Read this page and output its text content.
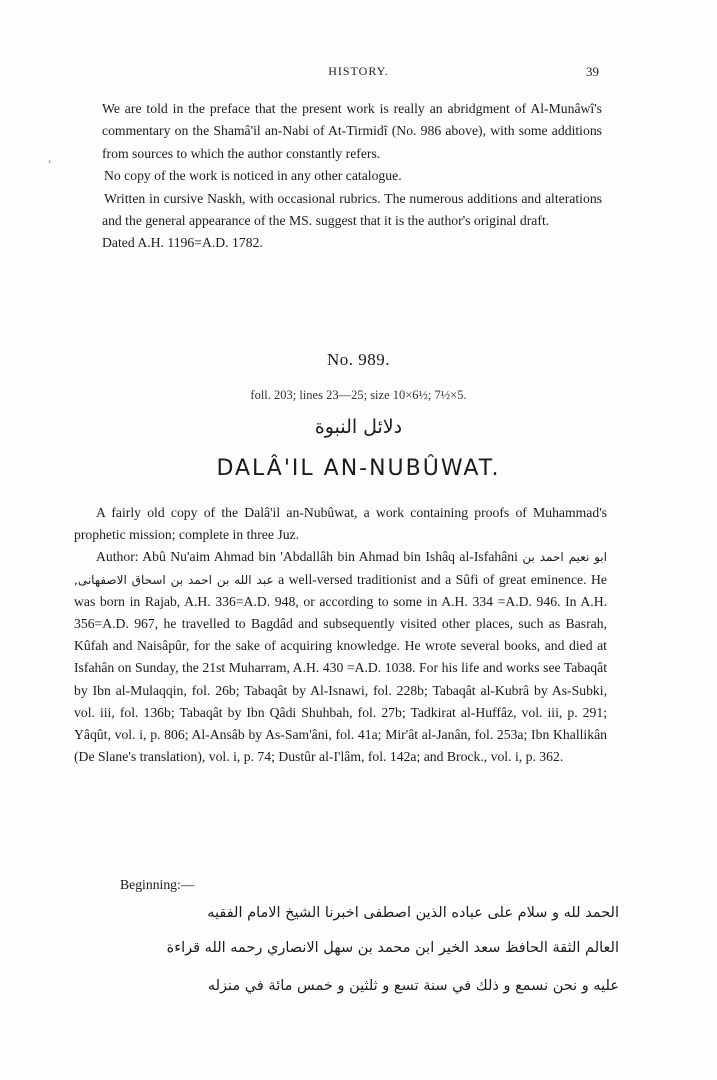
HISTORY.	39
‹

We are told in the preface that the present work is really an abridgment of Al-Munâwî's commentary on the Shamâ'il an-Nabi of At-Tirmidî (No. 986 above), with some additions from sources to which the author constantly refers.

No copy of the work is noticed in any other catalogue.

Written in cursive Naskh, with occasional rubrics. The numerous additions and alterations and the general appearance of the MS. suggest that it is the author's original draft.

Dated A.H. 1196=A.D. 1782.

No. 989.
foll. 203; lines 23—25; size 10×6½; 7½×5.
دلائل النبوة
DALÂ'IL AN-NUBÛWAT.

A fairly old copy of the Dalâ'il an-Nubûwat, a work containing proofs of Muhammad's prophetic mission; complete in three Juz.

Author: Abû Nu'aim Ahmad bin 'Abdallâh bin Ahmad bin Ishâq al-Isfahâni ابو نعيم احمد بن عبد الله بن احمد بن اسحاق الاصفهانى, a well-versed traditionist and a Sûfi of great eminence. He was born in Rajab, A.H. 336=A.D. 948, or according to some in A.H. 334 =A.D. 946. In A.H. 356=A.D. 967, he travelled to Bagdâd and subsequently visited other places, such as Basrah, Kûfah and Naisâpûr, for the sake of acquiring knowledge. He wrote several books, and died at Isfahân on Sunday, the 21st Muharram, A.H. 430 =A.D. 1038. For his life and works see Tabaqât by Ibn al-Mulaqqin, fol. 26b; Tabaqât by Al-Isnawi, fol. 228b; Tabaqât al-Kubrâ by As-Subki, vol. iii, fol. 136b; Tabaqât by Ibn Qâdi Shuhbah, fol. 27b; Tadkirat al-Huffâz, vol. iii, p. 291; Yâqût, vol. i, p. 806; Al-Ansâb by As-Sam'âni, fol. 41a; Mir'ât al-Janân, fol. 253a; Ibn Khallikân (De Slane's translation), vol. i, p. 74; Dustûr al-I'lâm, fol. 142a; and Brock., vol. i, p. 362.

Beginning:—
الحمد لله و سلام على عباده الذين اصطفى اخبرنا الشيخ الامام الفقيه
العالم الثقة الحافظ سعد الخير ابن محمد بن سهل الانصاري رحمه الله قراءة
عليه و نحن نسمع و ذلك في سنة تسع و ثلثين و خمس مائة في منزله
